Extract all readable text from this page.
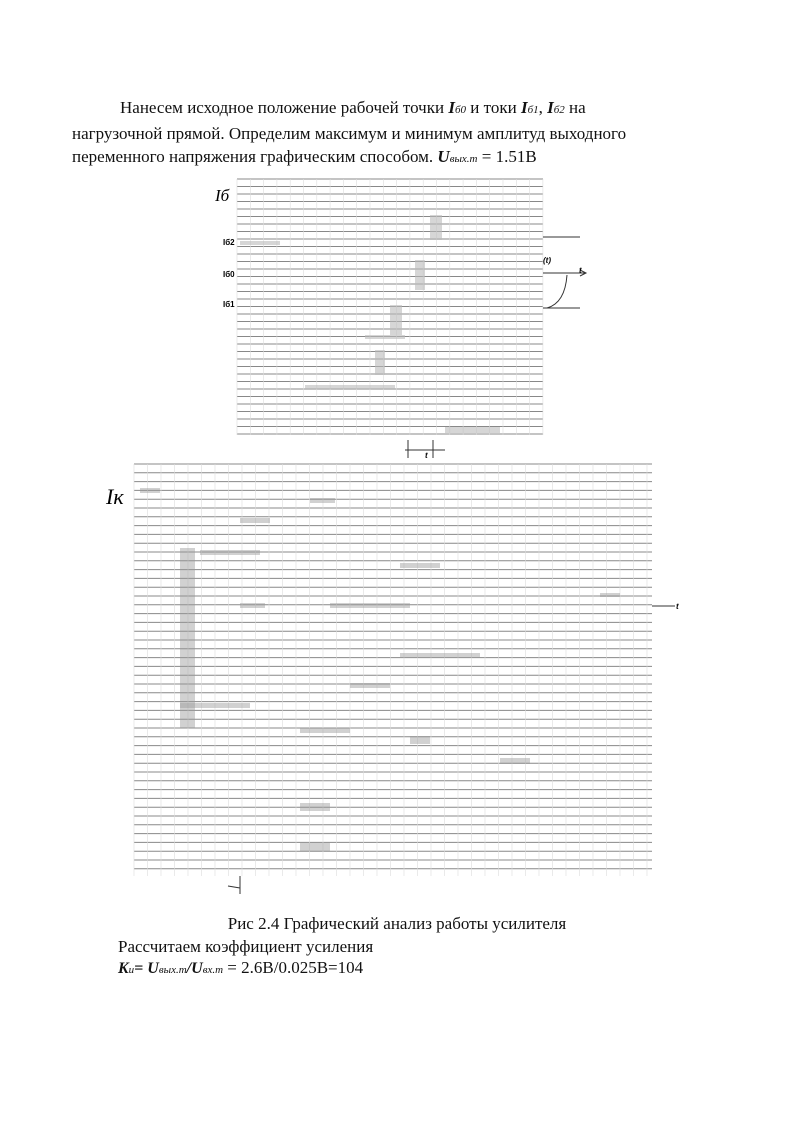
Нанесем исходное положение рабочей точки Iб0 и токи Iб1, Iб2 на

нагрузочной прямой. Определим максимум и минимум амплитуд выходного

переменного напряжения графическим способом. Uвых.m = 1.51В

Iб
Iб2
Iб0
Iб1
(t)
t
t
Iк
t

Рис 2.4 Графический анализ работы усилителя

Рассчитаем коэффициент усиления
Ku= Uвых.m/Uвх.m = 2.6В/0.025В=104
